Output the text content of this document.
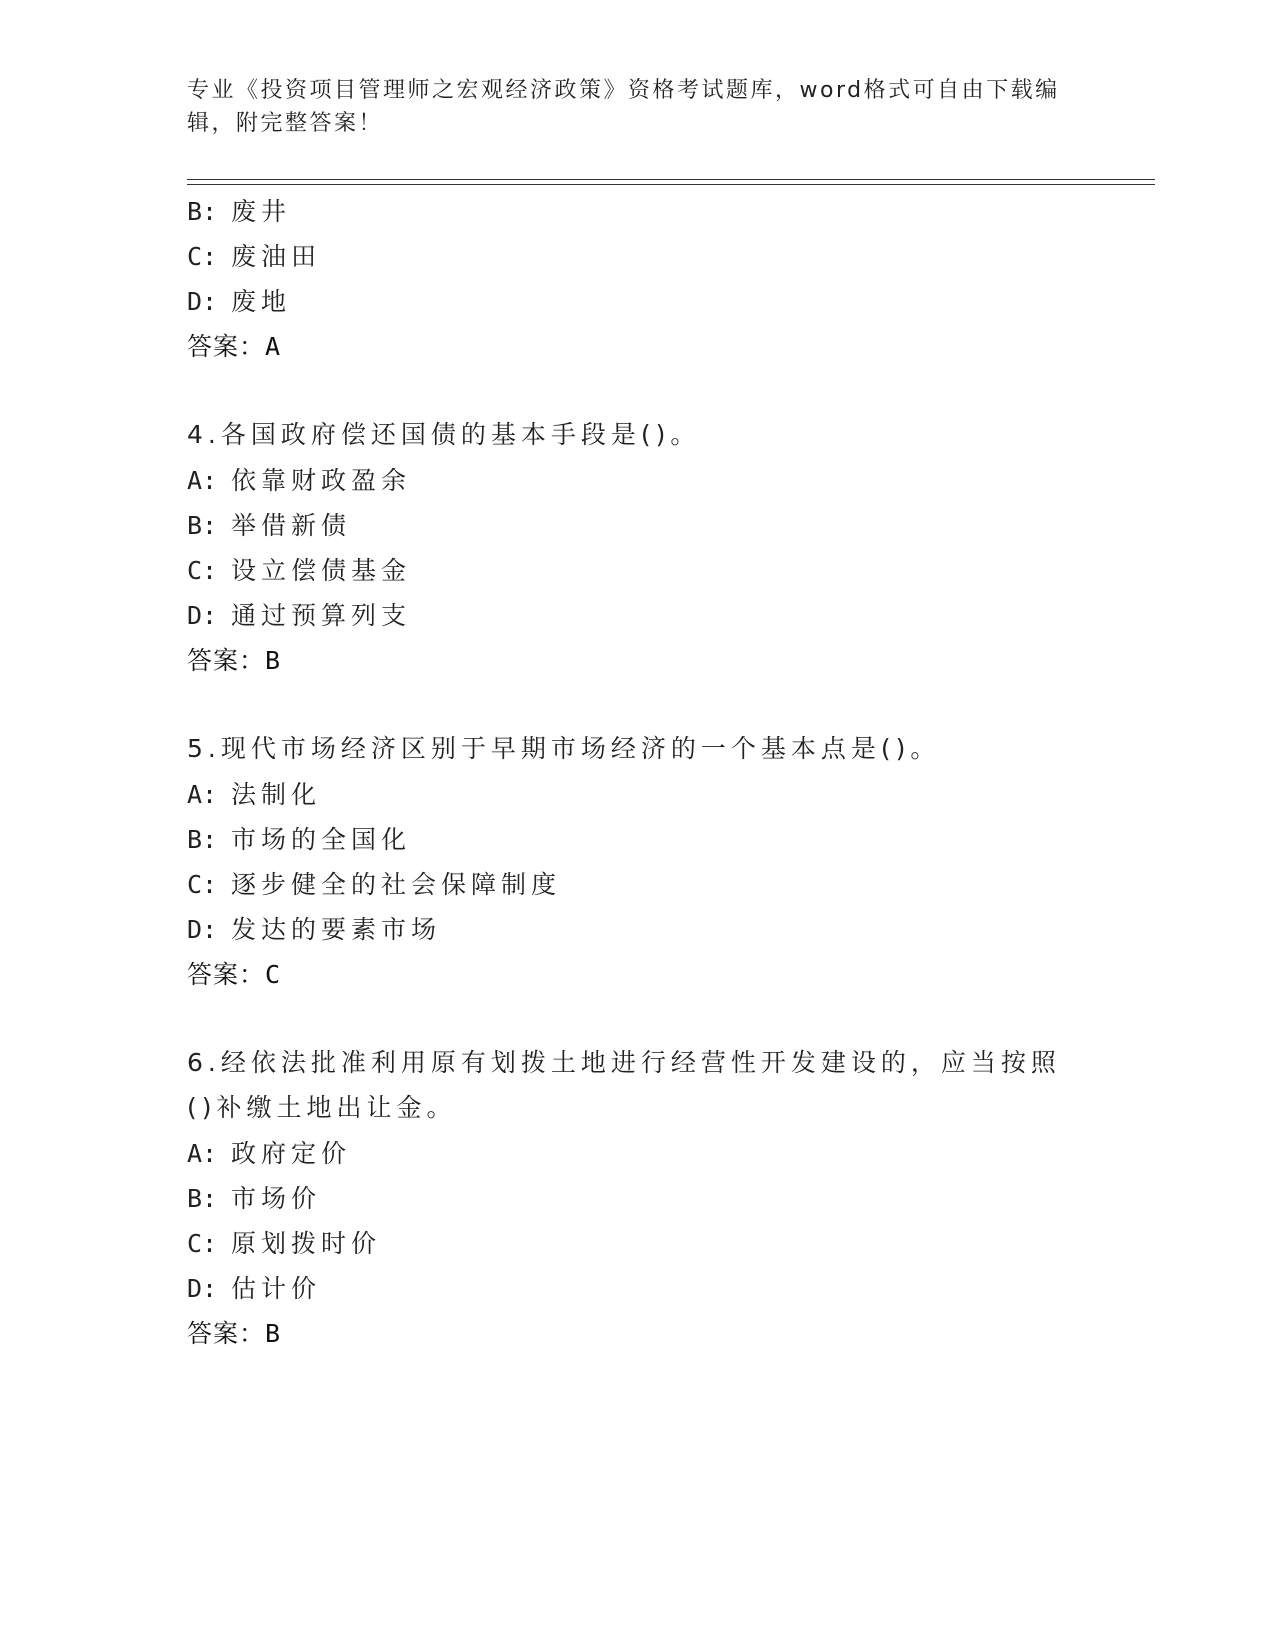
专业《投资项目管理师之宏观经济政策》资格考试题库，word格式可自由下载编辑，附完整答案！
B: 废井
C: 废油田
D: 废地
答案：A
4.各国政府偿还国债的基本手段是()。
A: 依靠财政盈余
B: 举借新债
C: 设立偿债基金
D: 通过预算列支
答案：B
5.现代市场经济区别于早期市场经济的一个基本点是()。
A: 法制化
B: 市场的全国化
C: 逐步健全的社会保障制度
D: 发达的要素市场
答案：C
6.经依法批准利用原有划拨土地进行经营性开发建设的，应当按照()补缴土地出让金。
A: 政府定价
B: 市场价
C: 原划拨时价
D: 估计价
答案：B
